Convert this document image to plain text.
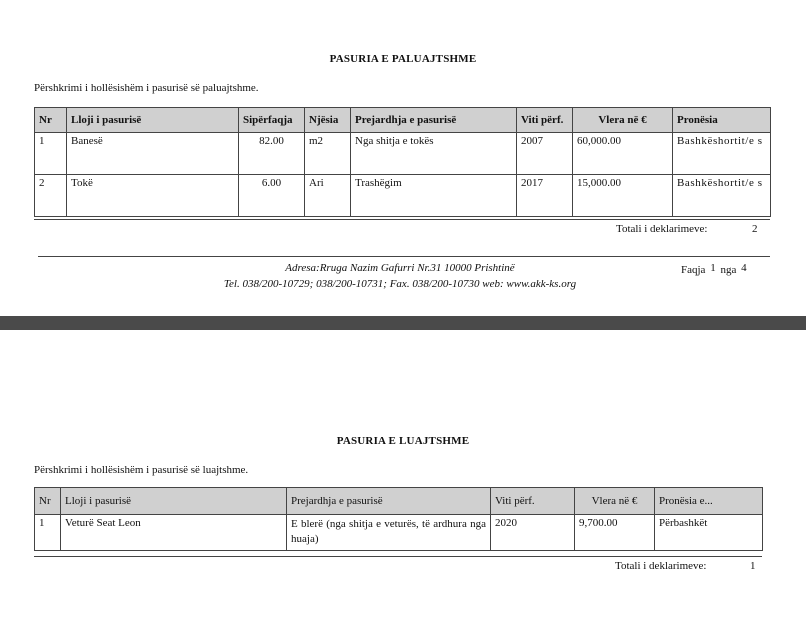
PASURIA E PALUAJTSHME
Përshkrimi i hollësishëm i pasurisë së paluajtshme.
Nr	Lloji i pasurisë	Sipërfaqja	Njësia	Prejardhja e pasurisë	Viti përf.	Vlera në €	Pronësia
1	Banesë	82.00	m2	Nga shitja e tokës	2007	60,000.00	Bashkëshortit/e s
2	Tokë	6.00	Ari	Trashëgim	2017	15,000.00	Bashkëshortit/e s
Totali i deklarimeve:	2
Adresa:Rruga Nazim Gafurri Nr.31 10000 Prishtinë
Tel. 038/200-10729; 038/200-10731; Fax. 038/200-10730 web: www.akk-ks.org
Faqja 1 nga 4
PASURIA E LUAJTSHME
Përshkrimi i hollësishëm i pasurisë së luajtshme.
Nr	Lloji i pasurisë	Prejardhja e pasurisë	Viti përf.	Vlera në €	Pronësia e...
1	Veturë Seat Leon	E blerë (nga shitja e veturës, të ardhura nga huaja)	2020	9,700.00	Përbashkët
Totali i deklarimeve:	1
